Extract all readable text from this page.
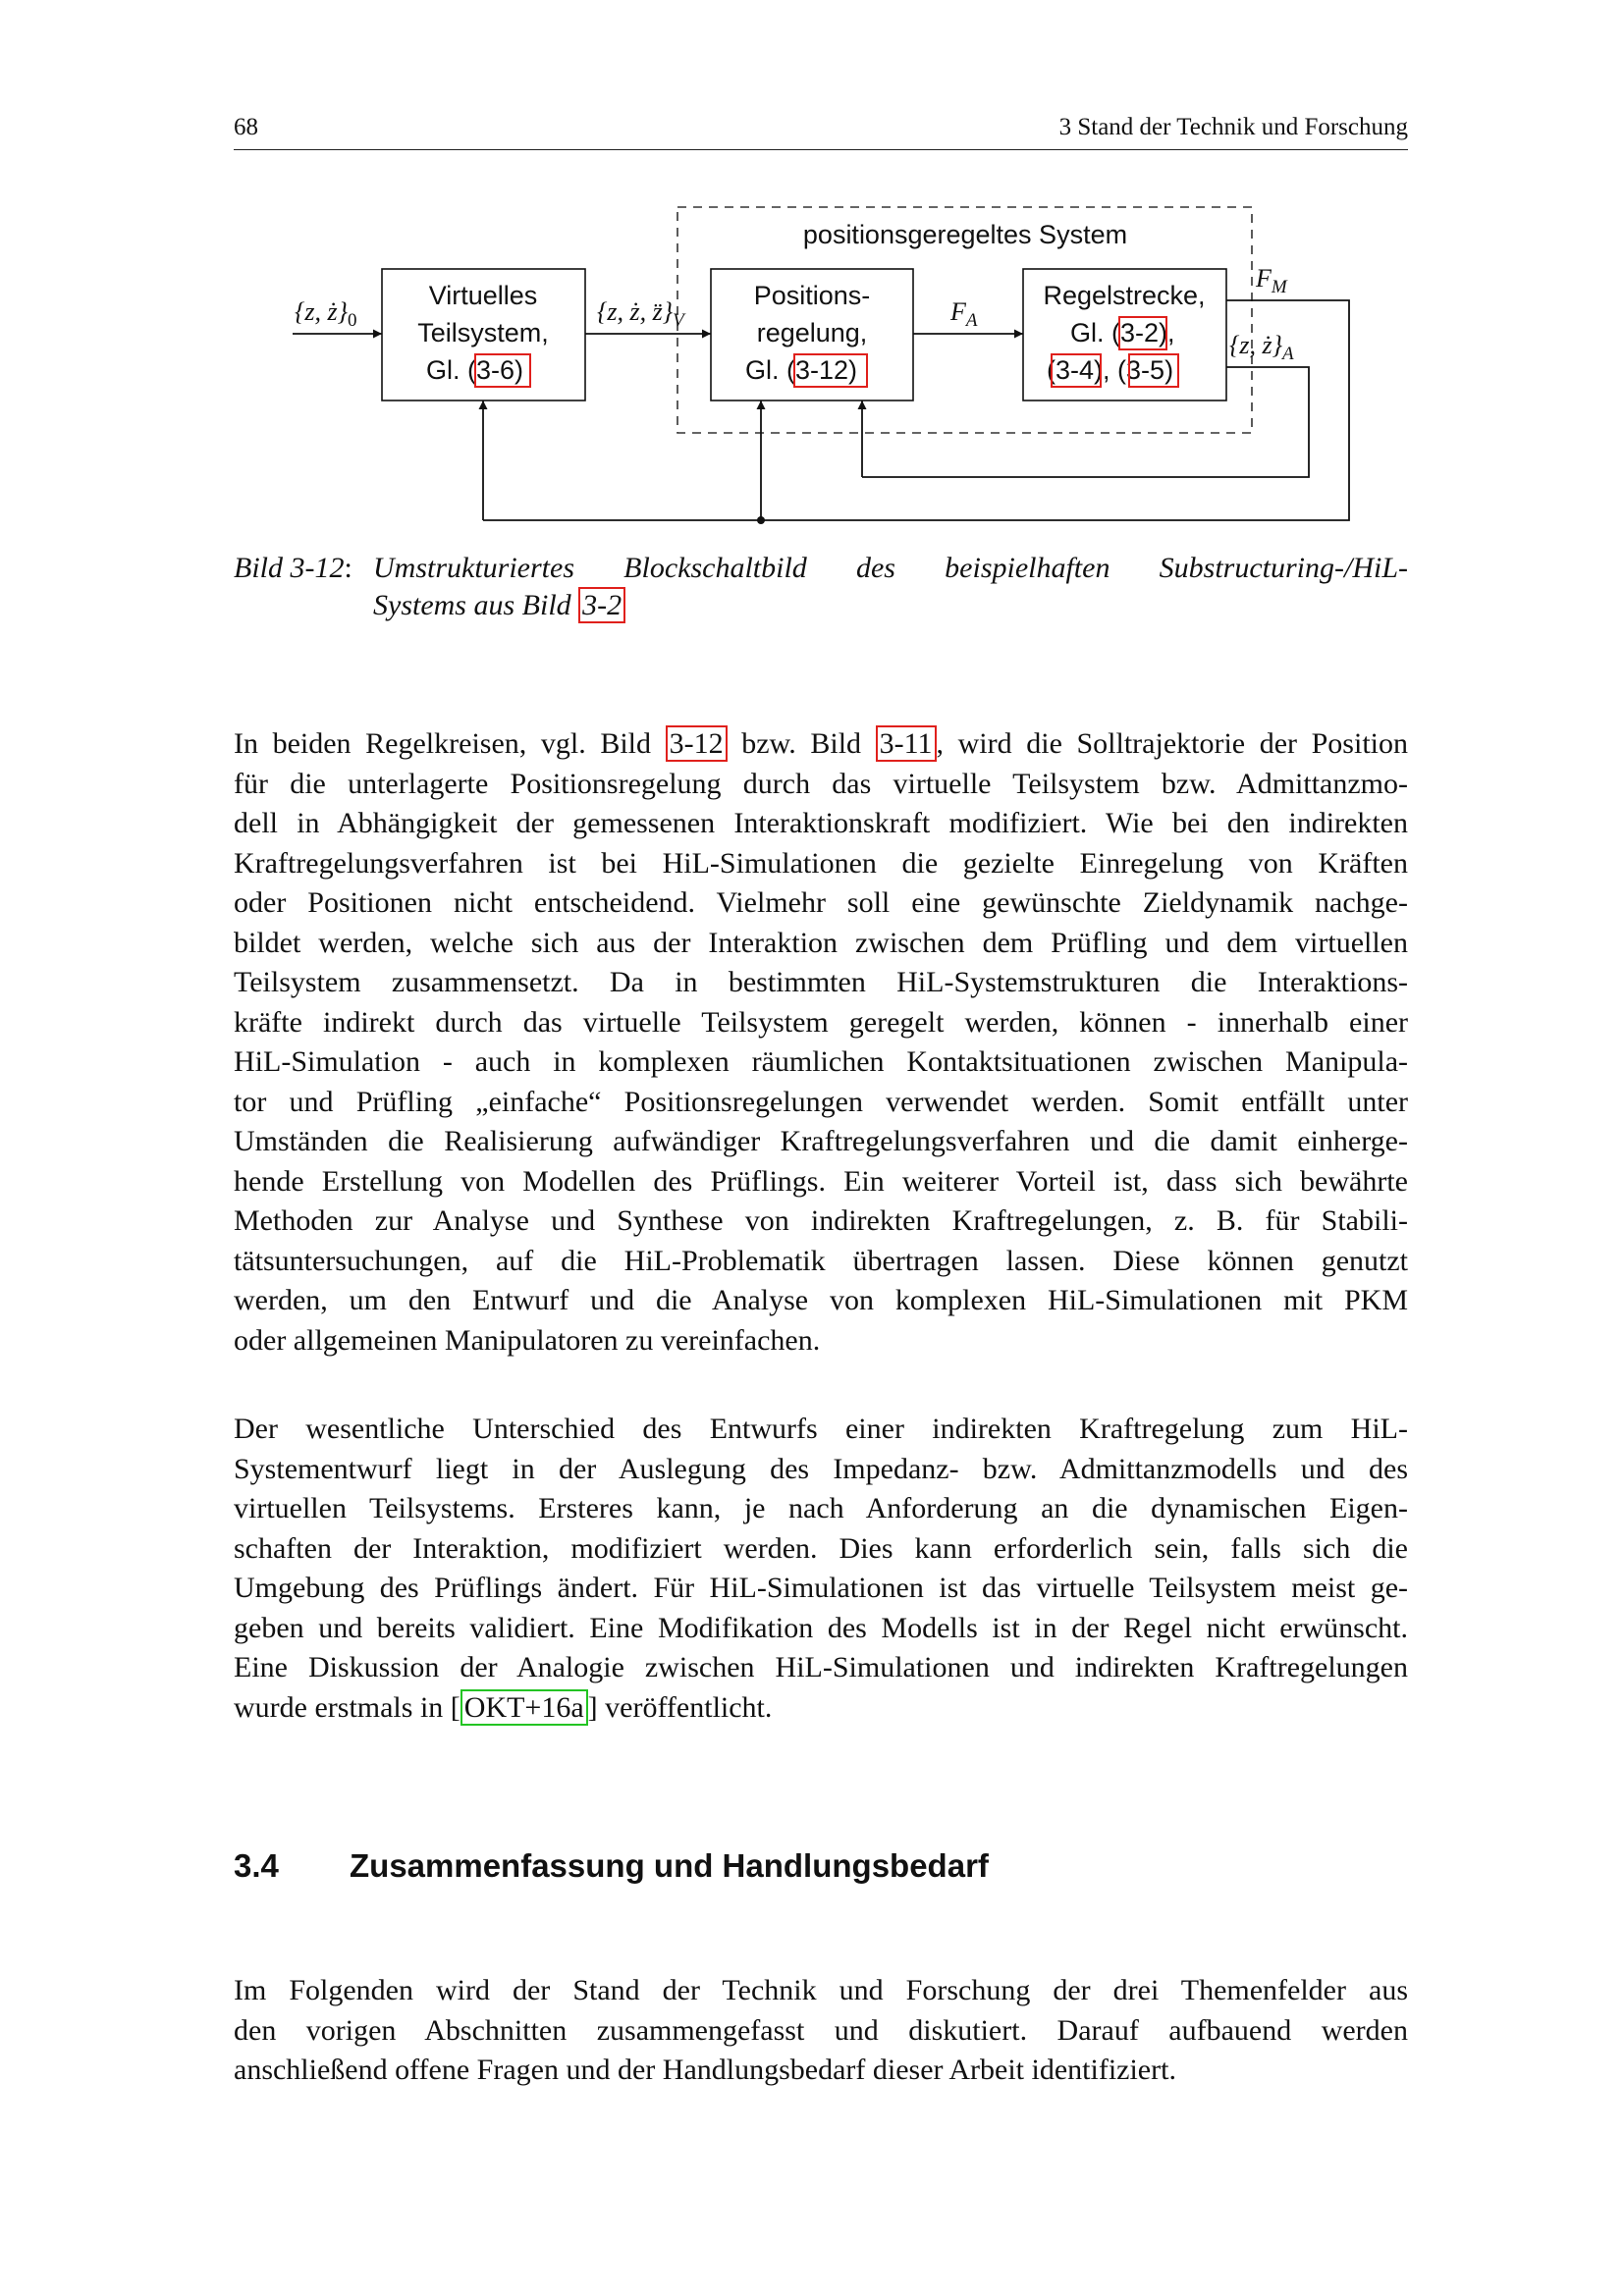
68	3 Stand der Technik und Forschung
positionsgeregeltes System
Virtuelles
Teilsystem,
Gl. (3-6)
Positions-
regelung,
Gl. (3-12)
Regelstrecke,
Gl. (3-2),
(3-4), (3-5)
{z, $ż\}_0$	{z, ż, $z̈\}_V$	$F_A$
$F_M$
{z, $ż\}_A$
Bild 3-12: Umstrukturiertes Blockschaltbild des beispielhaften Substructuring-/HiL-
Systems aus Bild 3-2
In beiden Regelkreisen, vgl. Bild 3-12 bzw. Bild 3-11 , wird die Solltrajektorie der Position
für die unterlagerte Positionsregelung durch das virtuelle Teilsystem bzw. Admittanzmo-
dell in Abhängigkeit der gemessenen Interaktionskraft modifiziert. Wie bei den indirekten
Kraftregelungsverfahren ist bei HiL-Simulationen die gezielte Einregelung von Kräften
oder Positionen nicht entscheidend. Vielmehr soll eine gewünschte Zieldynamik nachge-
bildet werden, welche sich aus der Interaktion zwischen dem Prüfling und dem virtuellen
Teilsystem zusammensetzt. Da in bestimmten HiL-Systemstrukturen die Interaktions-
kräfte indirekt durch das virtuelle Teilsystem geregelt werden, können - innerhalb einer
HiL-Simulation - auch in komplexen räumlichen Kontaktsituationen zwischen Manipula-
tor und Prüfling „einfache“ Positionsregelungen verwendet werden. Somit entfällt unter
Umständen die Realisierung aufwändiger Kraftregelungsverfahren und die damit einherge-
hende Erstellung von Modellen des Prüflings. Ein weiterer Vorteil ist, dass sich bewährte
Methoden zur Analyse und Synthese von indirekten Kraftregelungen, z. B. für Stabili-
tätsuntersuchungen, auf die HiL-Problematik übertragen lassen. Diese können genutzt
werden, um den Entwurf und die Analyse von komplexen HiL-Simulationen mit PKM
oder allgemeinen Manipulatoren zu vereinfachen.
Der wesentliche Unterschied des Entwurfs einer indirekten Kraftregelung zum HiL-
Systementwurf liegt in der Auslegung des Impedanz- bzw. Admittanzmodells und des
virtuellen Teilsystems. Ersteres kann, je nach Anforderung an die dynamischen Eigen-
schaften der Interaktion, modifiziert werden. Dies kann erforderlich sein, falls sich die
Umgebung des Prüflings ändert. Für HiL-Simulationen ist das virtuelle Teilsystem meist ge-
geben und bereits validiert. Eine Modifikation des Modells ist in der Regel nicht erwünscht.
Eine Diskussion der Analogie zwischen HiL-Simulationen und indirekten Kraftregelungen
wurde erstmals in [ OKT+16a ] veröffentlicht.
3.4 Zusammenfassung und Handlungsbedarf
Im Folgenden wird der Stand der Technik und Forschung der drei Themenfelder aus
den vorigen Abschnitten zusammengefasst und diskutiert. Darauf aufbauend werden
anschließend offene Fragen und der Handlungsbedarf dieser Arbeit identifiziert.
